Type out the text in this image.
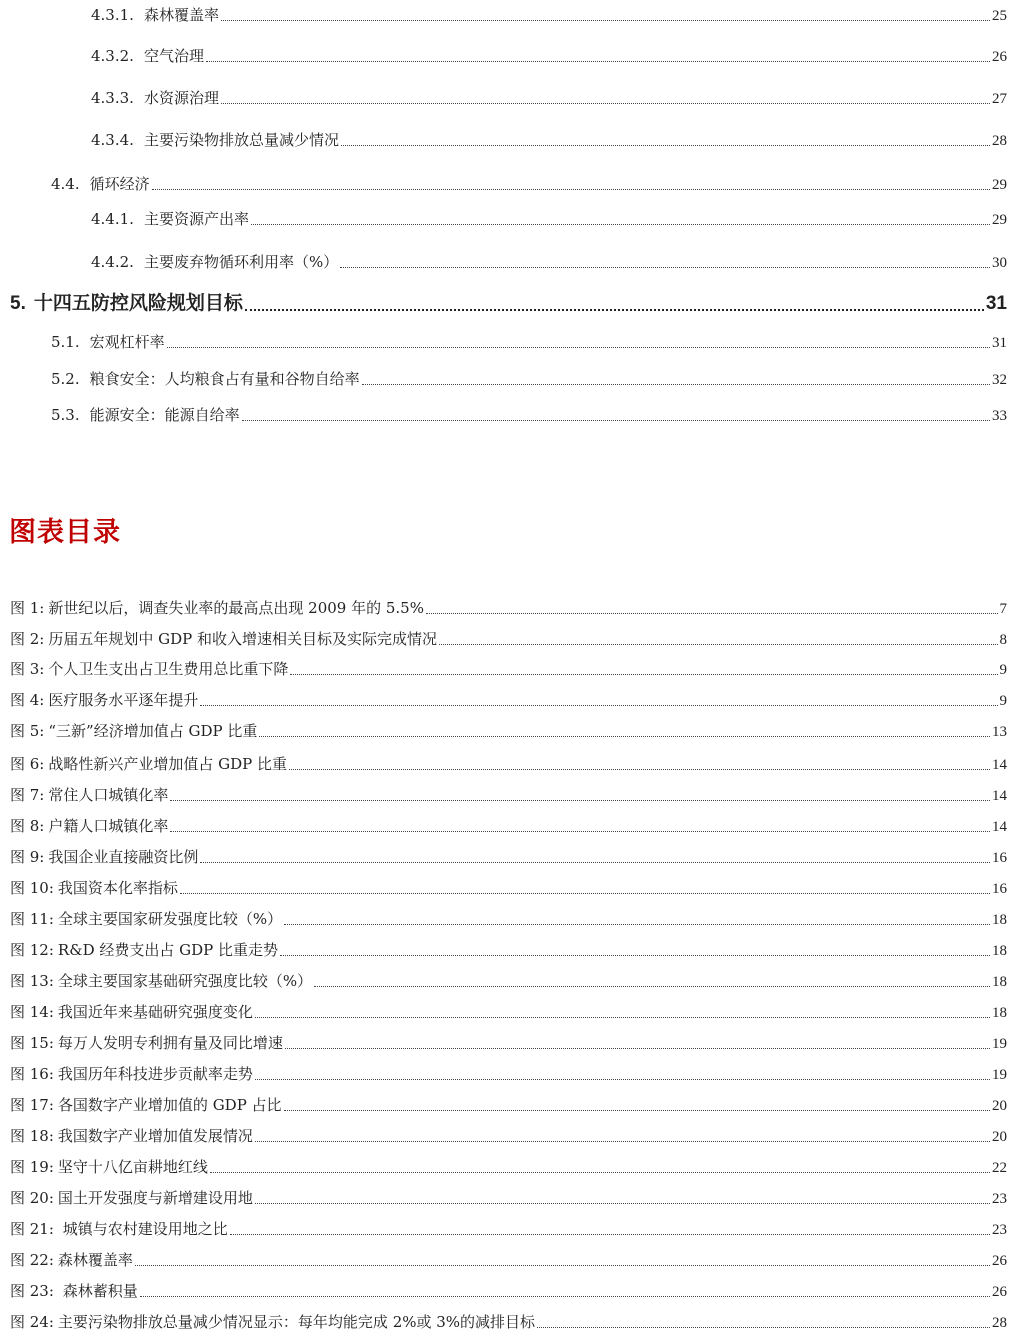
4.3.1. 森林覆盖率	25
4.3.2. 空气治理	26
4.3.3. 水资源治理	27
4.3.4. 主要污染物排放总量减少情况	28
4.4. 循环经济	29
4.4.1. 主要资源产出率	29
4.4.2. 主要废弃物循环利用率（%）	30
5. 十四五防控风险规划目标	31
5.1. 宏观杠杆率	31
5.2. 粮食安全：人均粮食占有量和谷物自给率	32
5.3. 能源安全：能源自给率	33
图表目录
图 1: 新世纪以后，调查失业率的最高点出现 2009 年的 5.5%	7
图 2: 历届五年规划中 GDP 和收入增速相关目标及实际完成情况	8
图 3: 个人卫生支出占卫生费用总比重下降	9
图 4: 医疗服务水平逐年提升	9
图 5: “三新”经济增加值占 GDP 比重	13
图 6: 战略性新兴产业增加值占 GDP 比重	14
图 7: 常住人口城镇化率	14
图 8: 户籍人口城镇化率	14
图 9: 我国企业直接融资比例	16
图 10: 我国资本化率指标	16
图 11: 全球主要国家研发强度比较（%）	18
图 12: R&D 经费支出占 GDP 比重走势	18
图 13: 全球主要国家基础研究强度比较（%）	18
图 14: 我国近年来基础研究强度变化	18
图 15: 每万人发明专利拥有量及同比增速	19
图 16: 我国历年科技进步贡献率走势	19
图 17: 各国数字产业增加值的 GDP 占比	20
图 18: 我国数字产业增加值发展情况	20
图 19: 坚守十八亿亩耕地红线	22
图 20: 国土开发强度与新增建设用地	23
图 21: 城镇与农村建设用地之比	23
图 22: 森林覆盖率	26
图 23: 森林蓄积量	26
图 24: 主要污染物排放总量减少情况显示：每年均能完成 2%或 3%的减排目标	28
